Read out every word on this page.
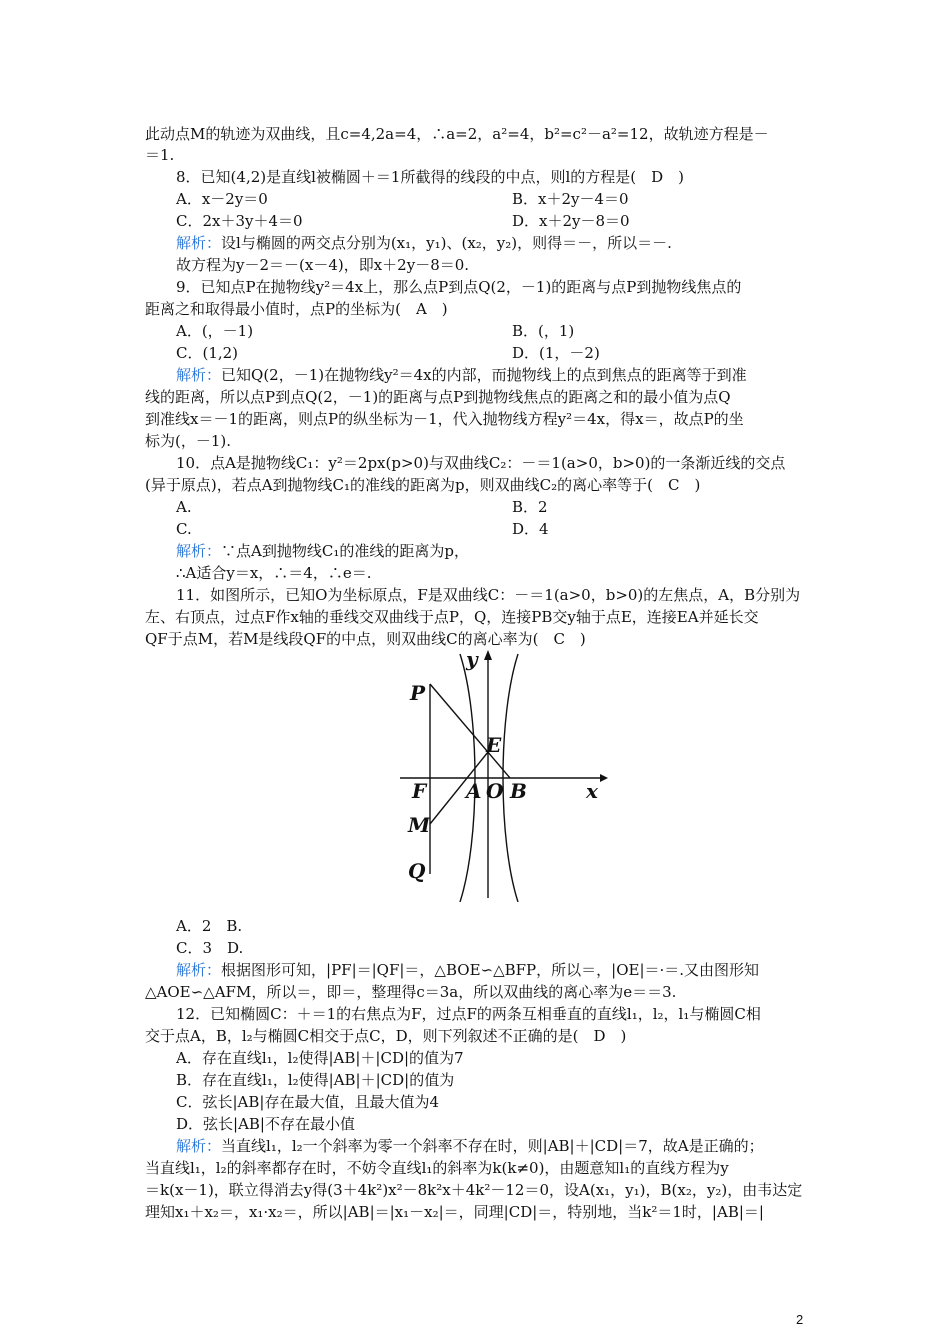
此动点M的轨迹为双曲线，且c=4,2a=4，∴a=2，a²=4，b²=c²－a²=12，故轨迹方程是－
＝1.
8．已知(4,2)是直线l被椭圆＋＝1所截得的线段的中点，则l的方程是(　D　)
A．x－2y＝0	B．x＋2y－4＝0
C．2x＋3y＋4＝0	D．x＋2y－8＝0
解析：设l与椭圆的两交点分别为(x₁，y₁)、(x₂，y₂)，则得＝－，所以＝－.
故方程为y－2＝－(x－4)，即x＋2y－8＝0.
9．已知点P在抛物线y²＝4x上，那么点P到点Q(2，－1)的距离与点P到抛物线焦点的
距离之和取得最小值时，点P的坐标为(　A　)
A．(，－1)	B．(，1)
C．(1,2)	D．(1，－2)
解析：已知Q(2，－1)在抛物线y²＝4x的内部，而抛物线上的点到焦点的距离等于到准
线的距离，所以点P到点Q(2，－1)的距离与点P到抛物线焦点的距离之和的最小值为点Q
到准线x＝－1的距离，则点P的纵坐标为－1，代入抛物线方程y²＝4x，得x＝，故点P的坐
标为(，－1).
10．点A是抛物线C₁：y²＝2px(p>0)与双曲线C₂：－＝1(a>0，b>0)的一条渐近线的交点
(异于原点)，若点A到抛物线C₁的准线的距离为p，则双曲线C₂的离心率等于(　C　)
A.	B．2
C.	D．4
解析：∵点A到抛物线C₁的准线的距离为p，
∴A适合y＝x，∴＝4，∴e＝.
11．如图所示，已知O为坐标原点，F是双曲线C：－＝1(a>0，b>0)的左焦点，A，B分别为
左、右顶点，过点F作x轴的垂线交双曲线于点P，Q，连接PB交y轴于点E，连接EA并延长交
QF于点M，若M是线段QF的中点，则双曲线C的离心率为(　C　)
y
x
P
E
F A O B
M
Q
A．2　B.
C．3　D.
解析：根据图形可知，|PF|＝|QF|＝，△BOE∽△BFP，所以＝，|OE|＝·＝.又由图形知
△AOE∽△AFM，所以＝，即＝，整理得c＝3a，所以双曲线的离心率为e＝＝3.
12．已知椭圆C：＋＝1的右焦点为F，过点F的两条互相垂直的直线l₁，l₂，l₁与椭圆C相
交于点A，B，l₂与椭圆C相交于点C，D，则下列叙述不正确的是(　D　)
A．存在直线l₁，l₂使得|AB|＋|CD|的值为7
B．存在直线l₁，l₂使得|AB|＋|CD|的值为
C．弦长|AB|存在最大值，且最大值为4
D．弦长|AB|不存在最小值
解析：当直线l₁，l₂一个斜率为零一个斜率不存在时，则|AB|＋|CD|＝7，故A是正确的；
当直线l₁，l₂的斜率都存在时，不妨令直线l₁的斜率为k(k≠0)，由题意知l₁的直线方程为y
＝k(x－1)，联立得消去y得(3＋4k²)x²－8k²x＋4k²－12＝0，设A(x₁，y₁)，B(x₂，y₂)，由韦达定
理知x₁＋x₂＝，x₁·x₂＝，所以|AB|＝|x₁－x₂|＝，同理|CD|＝，特别地，当k²＝1时，|AB|＝|
2
